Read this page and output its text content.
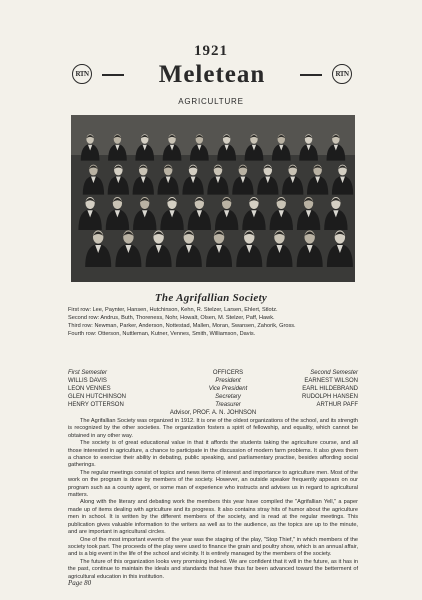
1921
RTN	Meletean	RTN
AGRICULTURE
The Agrifallian Society
First row: Lee, Paynter, Hansen, Hutchinson, Kehn, R. Stelzer, Larsen, Ehlert, Stlotz.
Second row: Andrus, Buth, Thoreness, Nohr, Howalt, Olsen, M. Stelzer, Paff, Hawk.
Third row: Newman, Parker, Anderson, Nottestad, Mallen, Moran, Swansen, Zahorik, Gross.
Fourth row: Otterson, Nuttleman, Kutner, Vennes, Smith, Williamson, Davis.
First Semester	OFFICERS	Second Semester
WILLIS DAVIS	President	EARNEST WILSON
LEON VENNES	Vice President	EARL HILDEBRAND
GLEN HUTCHINSON	Secretary	RUDOLPH HANSEN
HENRY OTTERSON	Treasurer	ARTHUR PAFF
Advisor, PROF. A. N. JOHNSON

The Agrifallian Society was organized in 1912. It is one of the oldest organizations of the school, and its strength is recognized by the other societies. The organization fosters a spirit of fellowship, and equality, which cannot be obtained in any other way.

The society is of great educational value in that it affords the students taking the agriculture course, and all those interested in agriculture, a chance to participate in the discussion of modern farm problems. It also gives them a chance to exercise their ability in debating, public speaking, and parliamentary practise, besides affording social gatherings.

The regular meetings consist of topics and news items of interest and importance to agriculture men. Most of the work on the program is done by members of the society. However, an outside speaker frequently appears on our program such as a county agent, or some man of experience who instructs and advises us in regard to agricultural matters.

Along with the literary and debating work the members this year have compiled the "Agrifallian Yell," a paper made up of items dealing with agriculture and its progress. It also contains stray hits of humor about the agriculture men in school. It is written by the different members of the society, and is read at the regular meetings. This publication gives valuable information to the writers as well as to the audience, as the topics are up to the minute, and are important in agricultural circles.

One of the most important events of the year was the staging of the play, "Stop Thief," in which members of the society took part. The proceeds of the play were used to finance the grain and poultry show, which is an annual affair, and is a big event in the life of the school and vicinity. It is entirely managed by the members of the society.

The future of this organization looks very promising indeed. We are confident that it will in the future, as it has in the past, continue to maintain the ideals and standards that have thus far been advanced toward the betterment of agricultural education in this institution.

Page 80
